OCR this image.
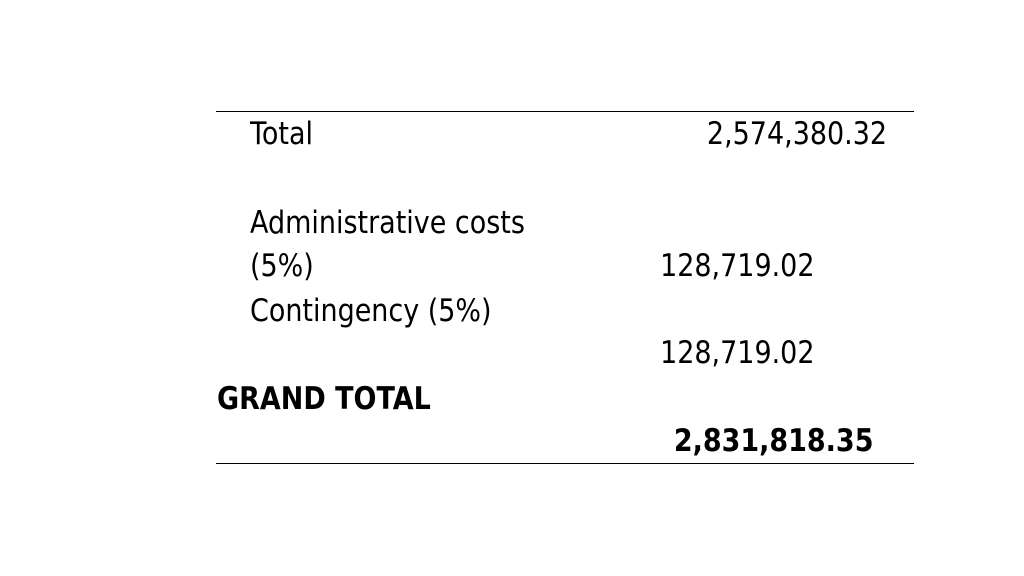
Total	2,574,380.32
Administrative costs
(5%)	128,719.02
Contingency (5%)
128,719.02
GRAND TOTAL
2,831,818.35
